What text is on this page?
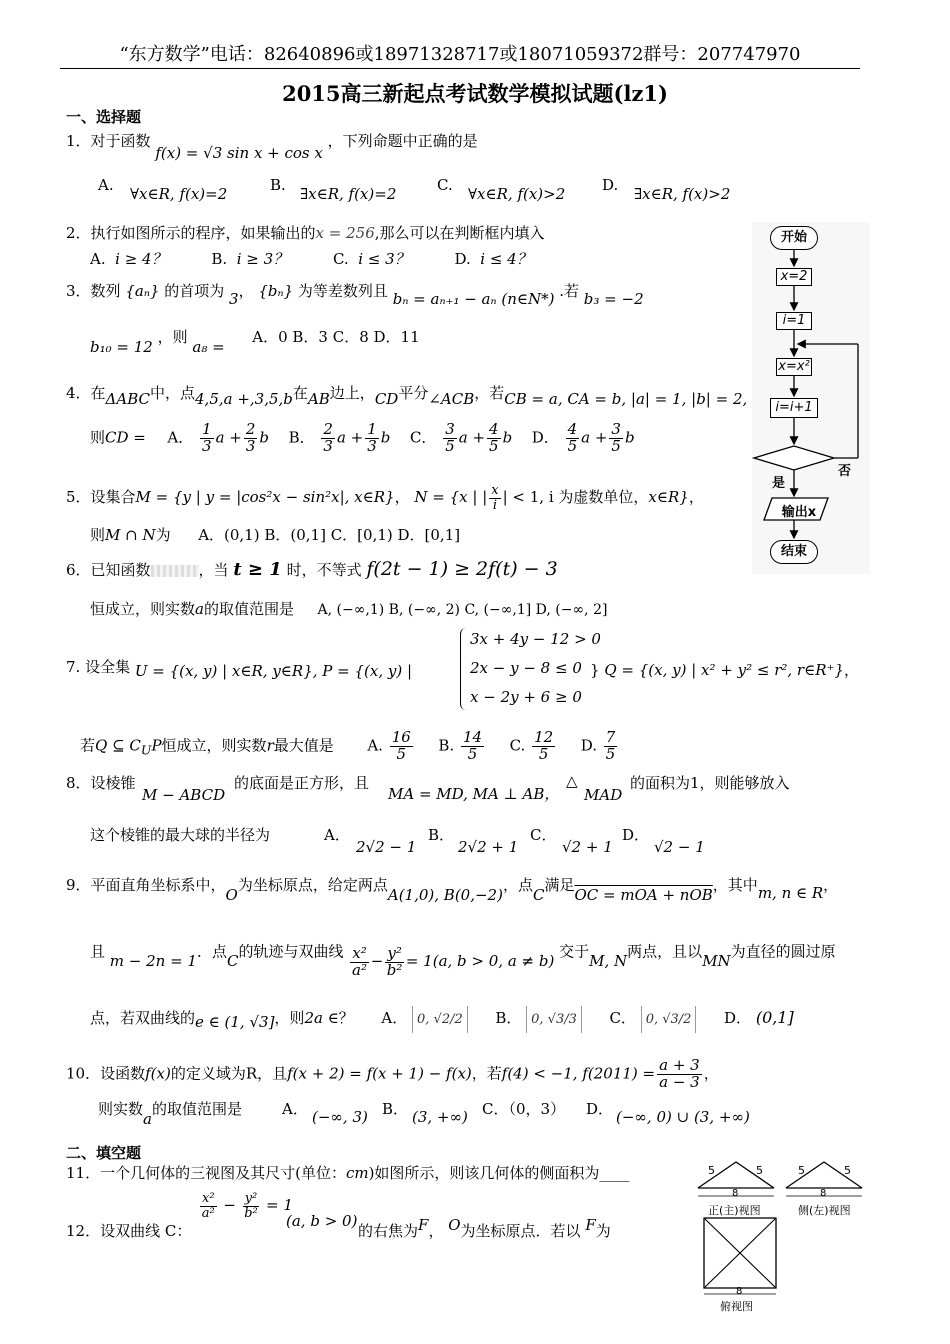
“东方数学”电话：82640896或18971328717或18071059372群号：207747970
2015高三新起点考试数学模拟试题(lz1)
一、选择题
1．对于函数 f(x) = √3 sin x + cos x ，下列命题中正确的是
A. ∀x∈R, f(x)=2	B. ∃x∈R, f(x)=2	C. ∀x∈R, f(x)>2 D. ∃x∈R, f(x)>2
2．执行如图所示的程序，如果输出的x = 256,那么可以在判断框内填入
A. i ≥ 4？	B. i ≥ 3？	C. i ≤ 3？	D. i ≤ 4？
3．数列 {aₙ} 的首项为 3， {bₙ} 为等差数列且 bₙ = aₙ₊₁ − aₙ (n∈N*) .若 b₃ = −2
b₁₀ = 12 ，则 a₈ =  A．0 B．3 C．8 D．11
4．在ΔABC中，点4,5,a +,3,5,b在AB边上，CD平分∠ACB，若CB = a, CA = b, |a| = 1, |b| = 2,
则CD = A． $\frac{1}{3}$ $a + \frac{2}{3}$ b B． $\frac{2}{3}$ $a + \frac{1}{3}$ b C． $\frac{3}{5}$ $a + \frac{4}{5}$ b D． $\frac{4}{5}$ $a + \frac{3}{5}$ b
5．设集合M = {y | y = |cos²x − sin²x|, x∈R}， N = {x | | $\frac{x}{i}$ | < 1, i 为虚数单位，x∈R}，
则M ∩ N为 A．(0,1) B．(0,1] C．[0,1) D．[0,1]
6．已知函数	，当 t ≥ 1 时，不等式 f(2t − 1) ≥ 2f(t) − 3
恒成立，则实数a的取值范围是 A, (−∞,1) B, (−∞, 2) C, (−∞,1] D, (−∞, 2]
7. 设全集 U = {(x, y) | x∈R, y∈R}, P = {(x, y) |
3x + 4y − 12 > 0
2x − y − 8 ≤ 0
x − 2y + 6 ≥ 0
} Q = {(x, y) | x² + y² ≤ r², r∈R⁺}，
若Q ⊆ $C_UP$恒成立，则实数r最大值是 A. $\frac{16}{5} B$. $\frac{14}{5} C$. $\frac{12}{5} D$. $\frac{7}{5}$
8．设棱锥
M − ABCD
的底面是正方形，且
MA = MD, MA ⊥ AB，
△
MAD
的面积为1，则能够放入
这个棱锥的最大球的半径为	A．
2√2 − 1
B．
2√2 + 1
C．
√2 + 1
D．
√2 − 1
9．平面直角坐标系中，O为坐标原点，给定两点A(1,0), B(0,−2)，点C满足OC = mOA + nOB，其中m, n ∈ R，
且 m − 2n = 1．点C的轨迹与双曲线 $\frac{\text{x²}}{\text{a²}} - \frac{\text{y²}}{\text{b²}} = 1(a$, b > 0, a ≠ b) 交于M, N两点，且以MN为直径的圆过原
点，若双曲线的e ∈ (1, √3]，则2a ∈？ A． 0, √2/2 B． 0, √3/3 C． 0, √3/2 D． (0,1]
10．设函数f(x)的定义域为R，且f(x + 2) = f(x + 1) − f(x)，若f(4) < −1, $f(2011) = \frac{a + 3}{a - 3}$ ，
则实数a的取值范围是	A． (−∞, 3) B． (3, +∞) C．（0，3） D． (−∞, 0) ∪ (3, +∞)
二、填空题
11．一个几何体的三视图及其尺寸(单位：cm)如图所示，则该几何体的侧面积为____
12．设双曲线 C：
$\frac{\text{x²}}{\text{a²}} - \frac{\text{y²}}{\text{b²}} = 1$
(a, b > 0)
的右焦为F， O为坐标原点．若以 F为
开始
x=2
i=1
x=x²
i=i+1
否
是
输出x
结束
5	5
8
正(主)视图
5	5
8
侧(左)视图
8
俯视图
